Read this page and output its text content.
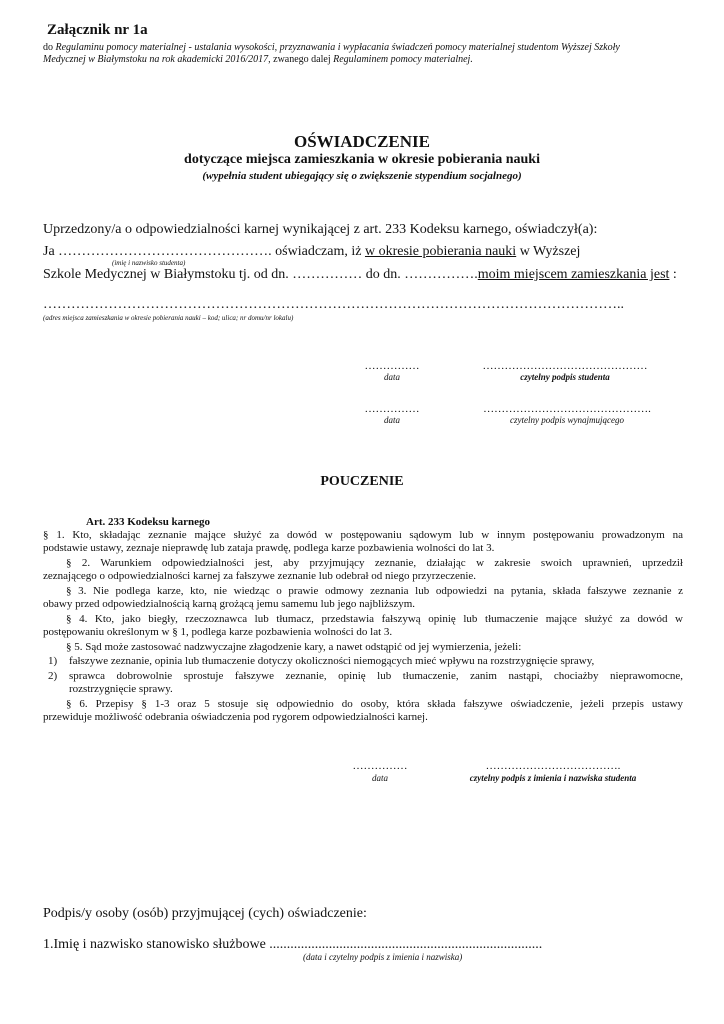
Załącznik nr 1a
do Regulaminu pomocy materialnej - ustalania wysokości, przyznawania i wypłacania świadczeń pomocy materialnej studentom Wyższej Szkoły
Medycznej w Białymstoku na rok akademicki 2016/2017, zwanego dalej Regulaminem pomocy materialnej.
OŚWIADCZENIE
dotyczące miejsca zamieszkania w okresie pobierania nauki
(wypełnia student ubiegający się o zwiększenie stypendium socjalnego)
Uprzedzony/a o odpowiedzialności karnej wynikającej z art. 233 Kodeksu karnego, oświadczył(a):
Ja ………………………………………. oświadczam, iż w okresie pobierania nauki w Wyższej
(imię i nazwisko studenta)
Szkole Medycznej w Białymstoku tj. od dn. …………… do dn. …………….moim miejscem zamieszkania jest :
……………………………………………………………………………………………………………..
(adres miejsca zamieszkania w okresie pobierania nauki – kod; ulica; nr domu/nr lokalu)
……………
data
………………………………………
czytelny podpis studenta
……………
data
……………………………………….
czytelny podpis wynajmującego
POUCZENIE
Art. 233 Kodeksu karnego
§ 1. Kto, składając zeznanie mające służyć za dowód w postępowaniu sądowym lub w innym postępowaniu prowadzonym na
podstawie ustawy, zeznaje nieprawdę lub zataja prawdę, podlega karze pozbawienia wolności do lat 3.
§ 2. Warunkiem odpowiedzialności jest, aby przyjmujący zeznanie, działając w zakresie swoich uprawnień, uprzedził
zeznającego o odpowiedzialności karnej za fałszywe zeznanie lub odebrał od niego przyrzeczenie.
§ 3. Nie podlega karze, kto, nie wiedząc o prawie odmowy zeznania lub odpowiedzi na pytania, składa fałszywe zeznanie z
obawy przed odpowiedzialnością karną grożącą jemu samemu lub jego najbliższym.
§ 4. Kto, jako biegły, rzeczoznawca lub tłumacz, przedstawia fałszywą opinię lub tłumaczenie mające służyć za dowód w
postępowaniu określonym w § 1, podlega karze pozbawienia wolności do lat 3.
§ 5. Sąd może zastosować nadzwyczajne złagodzenie kary, a nawet odstąpić od jej wymierzenia, jeżeli:
1) fałszywe zeznanie, opinia lub tłumaczenie dotyczy okoliczności niemogących mieć wpływu na rozstrzygnięcie sprawy,
2) sprawca dobrowolnie sprostuje fałszywe zeznanie, opinię lub tłumaczenie, zanim nastąpi, chociażby nieprawomocne,
rozstrzygnięcie sprawy.
§ 6. Przepisy § 1-3 oraz 5 stosuje się odpowiednio do osoby, która składa fałszywe oświadczenie, jeżeli przepis ustawy
przewiduje możliwość odebrania oświadczenia pod rygorem odpowiedzialności karnej.
……………
data
……………………………….
czytelny podpis z imienia i nazwiska studenta
Podpis/y osoby (osób) przyjmującej (cych) oświadczenie:
1.Imię i nazwisko stanowisko służbowe ..............................................................................
(data i czytelny podpis z imienia i nazwiska)
